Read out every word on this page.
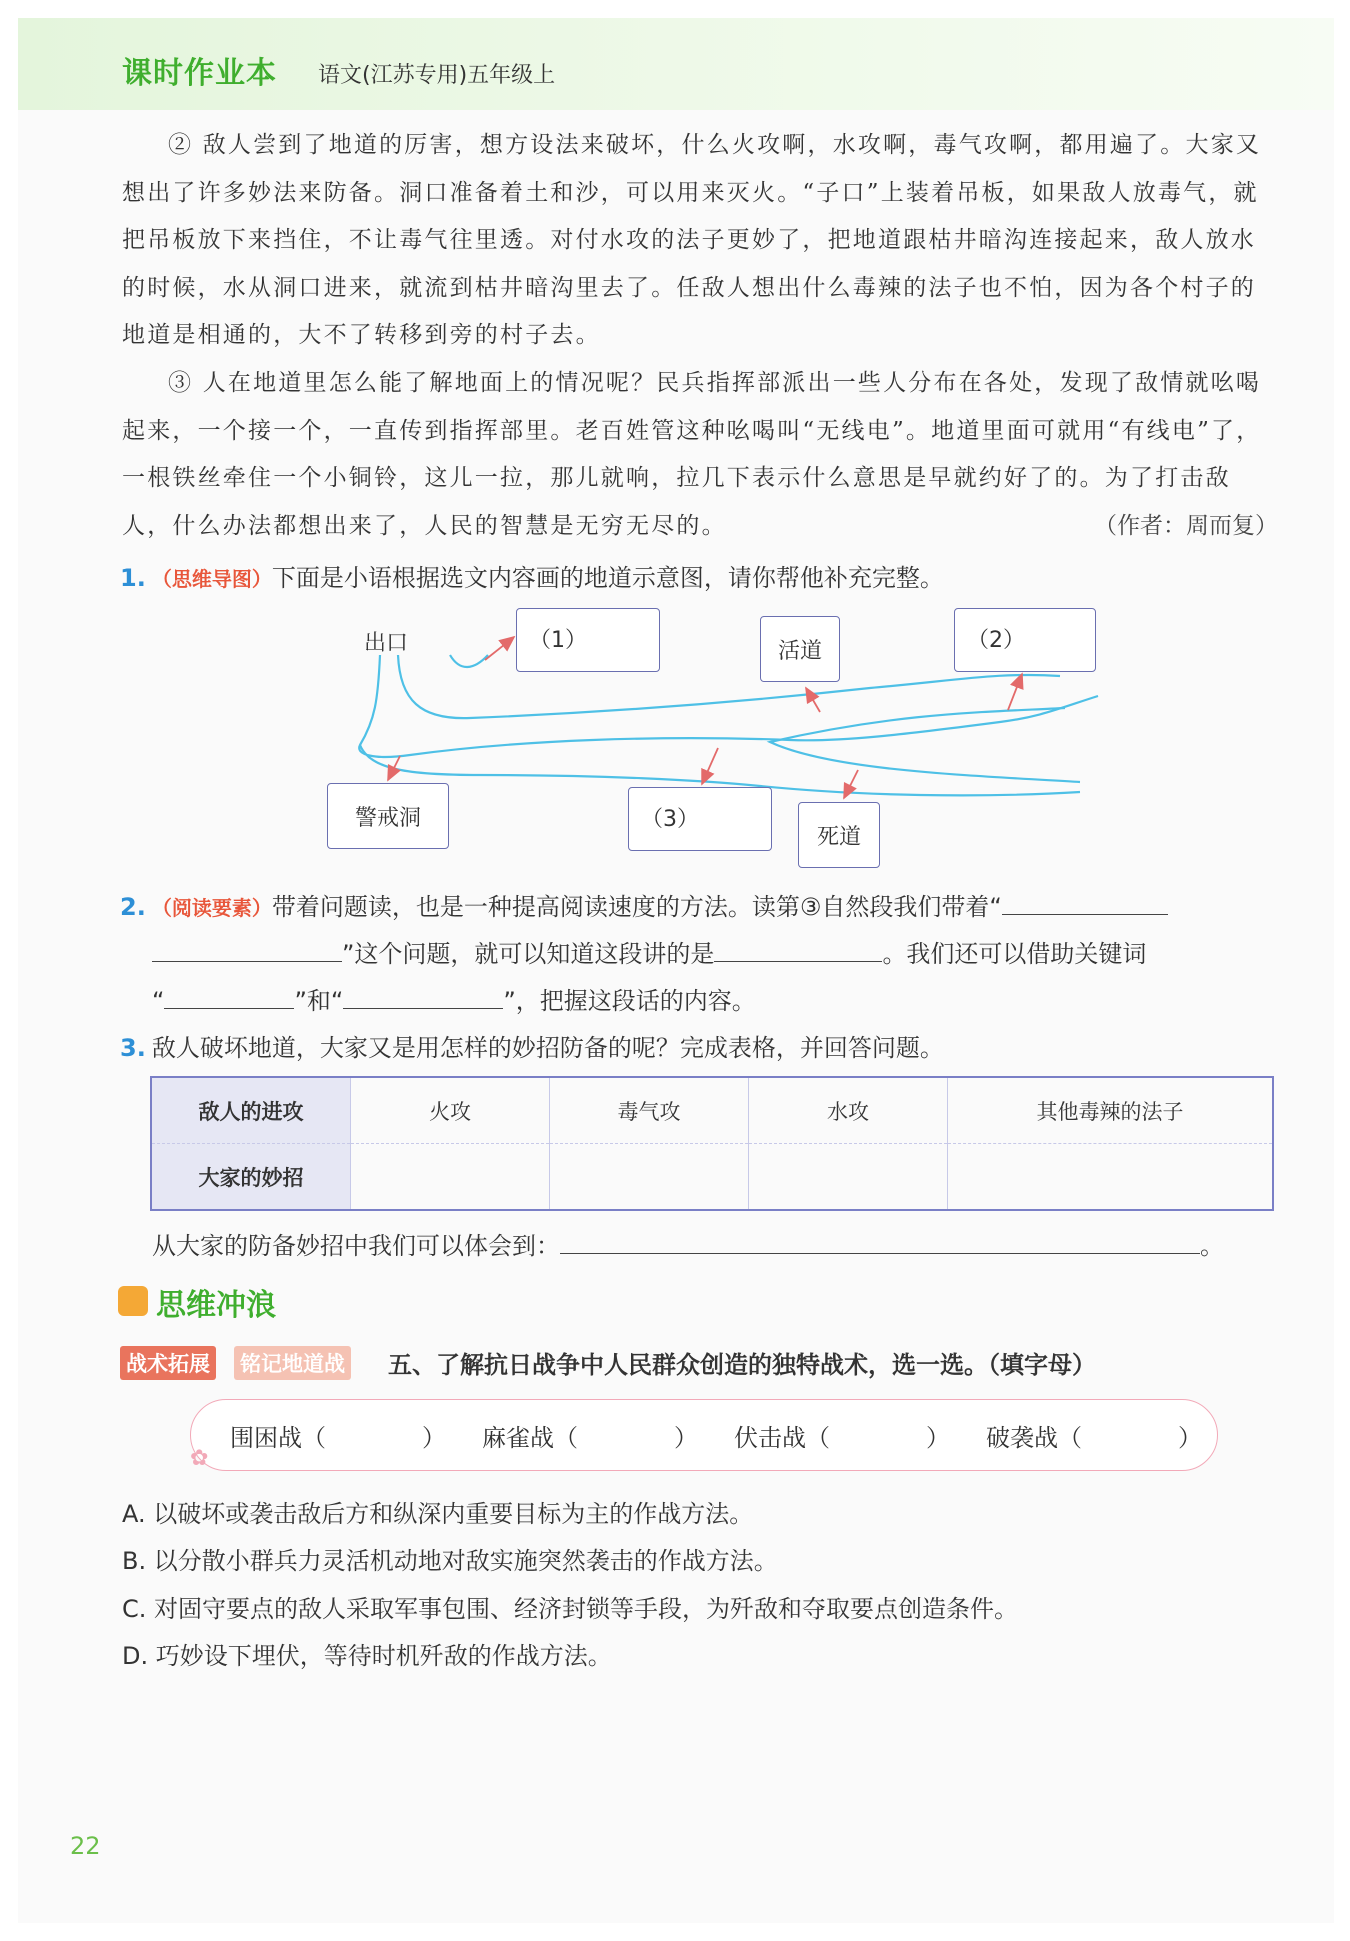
课时作业本 语文(江苏专用)五年级上
② 敌人尝到了地道的厉害，想方设法来破坏，什么火攻啊，水攻啊，毒气攻啊，都用遍了。大家又想出了许多妙法来防备。洞口准备着土和沙，可以用来灭火。“子口”上装着吊板，如果敌人放毒气，就把吊板放下来挡住，不让毒气往里透。对付水攻的法子更妙了，把地道跟枯井暗沟连接起来，敌人放水的时候，水从洞口进来，就流到枯井暗沟里去了。任敌人想出什么毒辣的法子也不怕，因为各个村子的地道是相通的，大不了转移到旁的村子去。
③ 人在地道里怎么能了解地面上的情况呢？民兵指挥部派出一些人分布在各处，发现了敌情就吆喝起来，一个接一个，一直传到指挥部里。老百姓管这种吆喝叫“无线电”。地道里面可就用“有线电”了，一根铁丝牵住一个小铜铃，这儿一拉，那儿就响，拉几下表示什么意思是早就约好了的。为了打击敌人，什么办法都想出来了，人民的智慧是无穷无尽的。	（作者：周而复）
1. （思维导图）下面是小语根据选文内容画的地道示意图，请你帮他补充完整。
出口	（1）	活道	（2）
警戒洞	（3）
死道
2. （阅读要素）带着问题读，也是一种提高阅读速度的方法。读第③自然段我们带着“
”这个问题，就可以知道这段讲的是	。我们还可以借助关键词
“	”和“	”，把握这段话的内容。
3. 敌人破坏地道，大家又是用怎样的妙招防备的呢？完成表格，并回答问题。
敌人的进攻	火攻	毒气攻	水攻	其他毒辣的法子
大家的妙招				
从大家的防备妙招中我们可以体会到：	。
思维冲浪
战术拓展 铭记地道战 五、了解抗日战争中人民群众创造的独特战术，选一选。（填字母）
✿
围困战（　　　　） 麻雀战（　　　　） 伏击战（　　　　） 破袭战（　　　　）
A. 以破坏或袭击敌后方和纵深内重要目标为主的作战方法。
B. 以分散小群兵力灵活机动地对敌实施突然袭击的作战方法。
C. 对固守要点的敌人采取军事包围、经济封锁等手段，为歼敌和夺取要点创造条件。
D. 巧妙设下埋伏，等待时机歼敌的作战方法。
22
